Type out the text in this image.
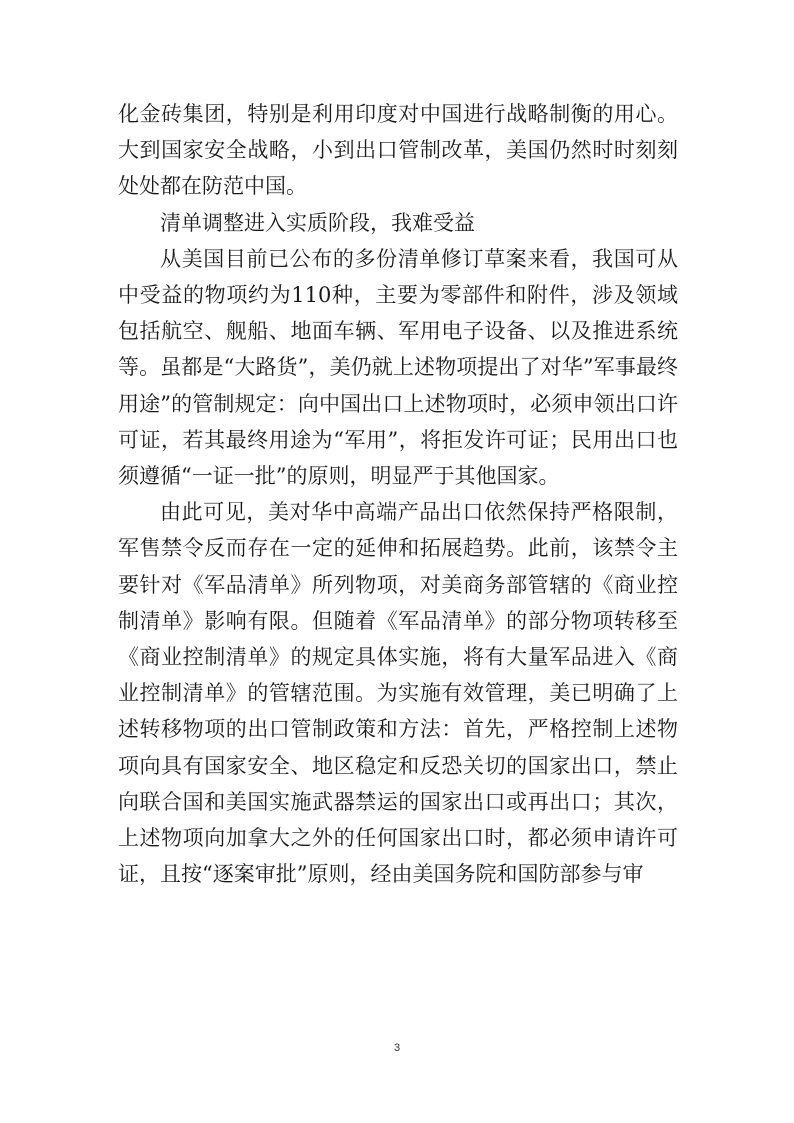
化金砖集团，特别是利用印度对中国进行战略制衡的用心。大到国家安全战略，小到出口管制改革，美国仍然时时刻刻处处都在防范中国。

清单调整进入实质阶段，我难受益

从美国目前已公布的多份清单修订草案来看，我国可从中受益的物项约为110种，主要为零部件和附件，涉及领域包括航空、舰船、地面车辆、军用电子设备、以及推进系统等。虽都是“大路货”，美仍就上述物项提出了对华”军事最终用途”的管制规定：向中国出口上述物项时，必须申领出口许可证，若其最终用途为“军用”，将拒发许可证；民用出口也须遵循“一证一批”的原则，明显严于其他国家。

由此可见，美对华中高端产品出口依然保持严格限制，军售禁令反而存在一定的延伸和拓展趋势。此前，该禁令主要针对《军品清单》所列物项，对美商务部管辖的《商业控制清单》影响有限。但随着《军品清单》的部分物项转移至《商业控制清单》的规定具体实施，将有大量军品进入《商业控制清单》的管辖范围。为实施有效管理，美已明确了上述转移物项的出口管制政策和方法：首先，严格控制上述物项向具有国家安全、地区稳定和反恐关切的国家出口，禁止向联合国和美国实施武器禁运的国家出口或再出口；其次，上述物项向加拿大之外的任何国家出口时，都必须申请许可证，且按“逐案审批”原则，经由美国务院和国防部参与审

3
